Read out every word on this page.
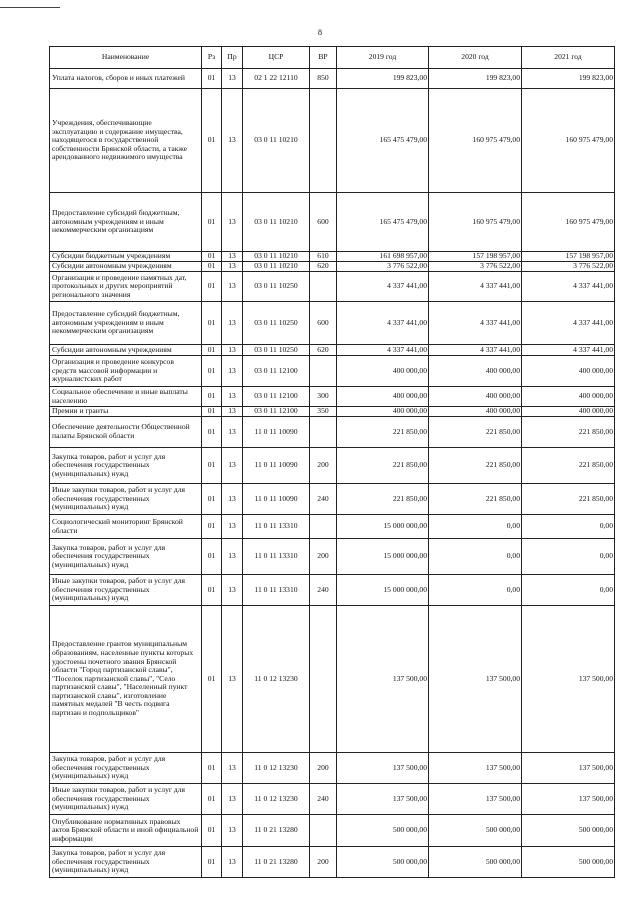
8
Наименование	Рз	Пр	ЦСР	ВР	2019 год	2020 год	2021 год
Уплата налогов, сборов и иных платежей	01	13	02 1 22 12110	850	199 823,00	199 823,00	199 823,00
Учреждения, обеспечивающие эксплуатацию и содержание имущества, находящегося в государственной собственности Брянской области, а также арендованного недвижимого имущества	01	13	03 0 11 10210		165 475 479,00	160 975 479,00	160 975 479,00
Предоставление субсидий бюджетным, автономным учреждениям и иным некоммерческим организациям	01	13	03 0 11 10210	600	165 475 479,00	160 975 479,00	160 975 479,00
Субсидии бюджетным учреждениям	01	13	03 0 11 10210	610	161 698 957,00	157 198 957,00	157 198 957,00
Субсидии автономным учреждениям	01	13	03 0 11 10210	620	3 776 522,00	3 776 522,00	3 776 522,00
Организация и проведение памятных дат, протокольных и других мероприятий регионального значения	01	13	03 0 11 10250		4 337 441,00	4 337 441,00	4 337 441,00
Предоставление субсидий бюджетным, автономным учреждениям и иным некоммерческим организациям	01	13	03 0 11 10250	600	4 337 441,00	4 337 441,00	4 337 441,00
Субсидии автономным учреждениям	01	13	03 0 11 10250	620	4 337 441,00	4 337 441,00	4 337 441,00
Организация и проведение конкурсов средств массовой информации и журналистских работ	01	13	03 0 11 12100		400 000,00	400 000,00	400 000,00
Социальное обеспечение и иные выплаты населению	01	13	03 0 11 12100	300	400 000,00	400 000,00	400 000,00
Премии и гранты	01	13	03 0 11 12100	350	400 000,00	400 000,00	400 000,00
Обеспечение деятельности Общественной палаты Брянской области	01	13	11 0 11 10090		221 850,00	221 850,00	221 850,00
Закупка товаров, работ и услуг для обеспечения государственных (муниципальных) нужд	01	13	11 0 11 10090	200	221 850,00	221 850,00	221 850,00
Иные закупки товаров, работ и услуг для обеспечения государственных (муниципальных) нужд	01	13	11 0 11 10090	240	221 850,00	221 850,00	221 850,00
Социологический мониторинг Брянской области	01	13	11 0 11 13310		15 000 000,00	0,00	0,00
Закупка товаров, работ и услуг для обеспечения государственных (муниципальных) нужд	01	13	11 0 11 13310	200	15 000 000,00	0,00	0,00
Иные закупки товаров, работ и услуг для обеспечения государственных (муниципальных) нужд	01	13	11 0 11 13310	240	15 000 000,00	0,00	0,00
Предоставление грантов муниципальным образованиям, населенные пункты которых удостоены почетного звания Брянской области "Город партизанской славы", "Поселок партизанской славы", "Село партизанской славы", "Населенный пункт партизанской славы", изготовление памятных медалей "В честь подвига партизан и подпольщиков"	01	13	11 0 12 13230		137 500,00	137 500,00	137 500,00
Закупка товаров, работ и услуг для обеспечения государственных (муниципальных) нужд	01	13	11 0 12 13230	200	137 500,00	137 500,00	137 500,00
Иные закупки товаров, работ и услуг для обеспечения государственных (муниципальных) нужд	01	13	11 0 12 13230	240	137 500,00	137 500,00	137 500,00
Опубликование нормативных правовых актов Брянской области и иной официальной информации	01	13	11 0 21 13280		500 000,00	500 000,00	500 000,00
Закупка товаров, работ и услуг для обеспечения государственных (муниципальных) нужд	01	13	11 0 21 13280	200	500 000,00	500 000,00	500 000,00
